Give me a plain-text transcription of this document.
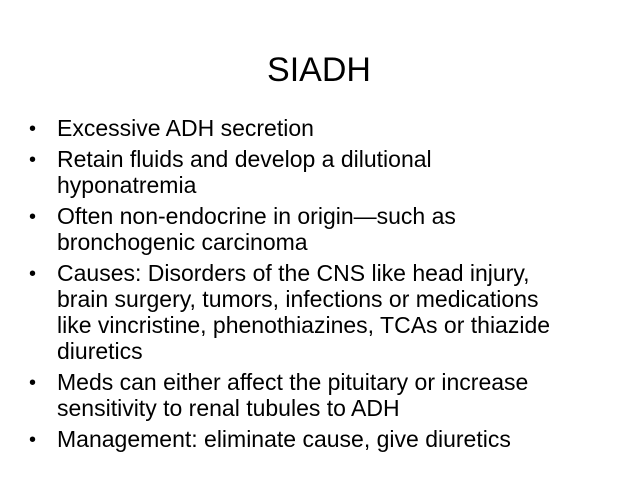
SIADH
• Excessive ADH secretion
• Retain fluids and develop a dilutional hyponatremia
• Often non-endocrine in origin—such as bronchogenic carcinoma
• Causes: Disorders of the CNS like head injury, brain surgery, tumors, infections or medications like vincristine, phenothiazines, TCAs or thiazide diuretics
• Meds can either affect the pituitary or increase sensitivity to renal tubules to ADH
• Management: eliminate cause, give diuretics
